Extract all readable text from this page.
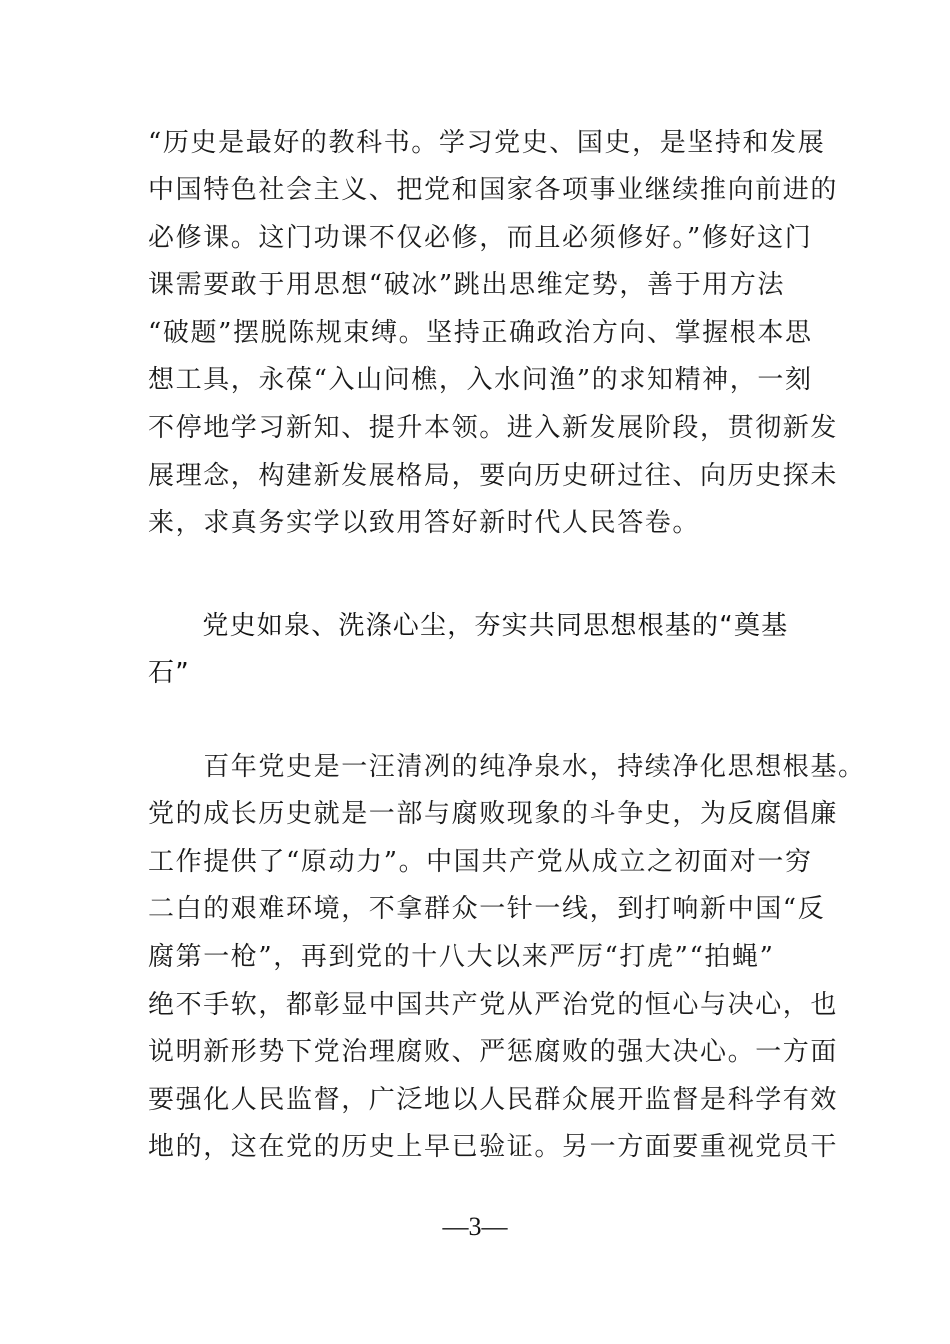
“历史是最好的教科书。学习党史、国史，是坚持和发展
中国特色社会主义、把党和国家各项事业继续推向前进的
必修课。这门功课不仅必修，而且必须修好。”修好这门
课需要敢于用思想“破冰”跳出思维定势，善于用方法
“破题”摆脱陈规束缚。坚持正确政治方向、掌握根本思
想工具，永葆“入山问樵，入水问渔”的求知精神，一刻
不停地学习新知、提升本领。进入新发展阶段，贯彻新发
展理念，构建新发展格局，要向历史研过往、向历史探未
来，求真务实学以致用答好新时代人民答卷。
　　党史如泉、洗涤心尘，夯实共同思想根基的“奠基
石”
　　百年党史是一汪清冽的纯净泉水，持续净化思想根基。
党的成长历史就是一部与腐败现象的斗争史，为反腐倡廉
工作提供了“原动力”。中国共产党从成立之初面对一穷
二白的艰难环境，不拿群众一针一线，到打响新中国“反
腐第一枪”，再到党的十八大以来严厉“打虎”“拍蝇”
绝不手软，都彰显中国共产党从严治党的恒心与决心，也
说明新形势下党治理腐败、严惩腐败的强大决心。一方面
要强化人民监督，广泛地以人民群众展开监督是科学有效
地的，这在党的历史上早已验证。另一方面要重视党员干
—3—
